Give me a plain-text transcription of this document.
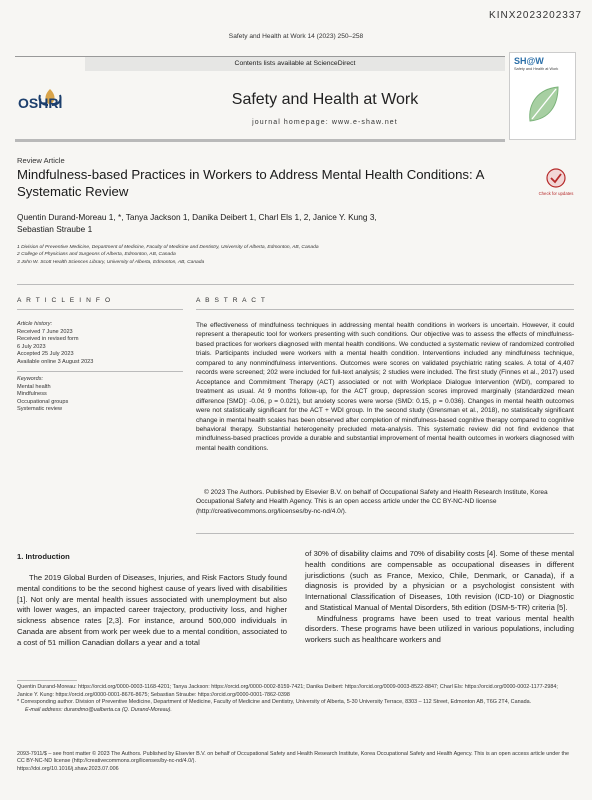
KINX2023202337
Safety and Health at Work 14 (2023) 250–258
Contents lists available at ScienceDirect
OSHRI	Safety and Health at Work
journal homepage: www.e-shaw.net
SH@W
Safety and Health at Work
Review Article
Mindfulness-based Practices in Workers to Address Mental Health Conditions: A Systematic Review	Check for updates
Quentin Durand-Moreau 1, *, Tanya Jackson 1, Danika Deibert 1, Charl Els 1, 2, Janice Y. Kung 3,
Sebastian Straube 1
1 Division of Preventive Medicine, Department of Medicine, Faculty of Medicine and Dentistry, University of Alberta, Edmonton, AB, Canada
2 College of Physicians and Surgeons of Alberta, Edmonton, AB, Canada
3 John W. Scott Health Sciences Library, University of Alberta, Edmonton, AB, Canada
A R T I C L E I N F O	A B S T R A C T
Article history:
Received 7 June 2023
Received in revised form
6 July 2023
Accepted 25 July 2023
Available online 3 August 2023
Keywords:
Mental health
Mindfulness
Occupational groups
Systematic review

The effectiveness of mindfulness techniques in addressing mental health conditions in workers is uncertain. However, it could represent a therapeutic tool for workers presenting with such conditions. Our objective was to assess the effects of mindfulness-based practices for workers diagnosed with mental health conditions. We conducted a systematic review of randomized controlled trials. Participants included were workers with a mental health condition. Interventions included any mindfulness technique, compared to any nonmindfulness interventions. Outcomes were scores on validated psychiatric rating scales. A total of 4,407 records were screened; 202 were included for full-text analysis; 2 studies were included. The first study (Finnes et al., 2017) used Acceptance and Commitment Therapy (ACT) associated or not with Workplace Dialogue Intervention (WDI), compared to treatment as usual. At 9 months follow-up, for the ACT group, depression scores improved marginally (standardized mean difference [SMD]: -0.06, p = 0.021), but anxiety scores were worse (SMD: 0.15, p = 0.036). Changes in mental health outcomes were not statistically significant for the ACT + WDI group. In the second study (Grensman et al., 2018), no statistically significant change in mental health scales has been observed after completion of mindfulness-based cognitive therapy compared to cognitive behavioral therapy. Substantial heterogeneity precluded meta-analysis. This systematic review did not find evidence that mindfulness-based practices provide a durable and substantial improvement of mental health outcomes in workers diagnosed with mental health conditions.

© 2023 The Authors. Published by Elsevier B.V. on behalf of Occupational Safety and Health Research Institute, Korea Occupational Safety and Health Agency. This is an open access article under the CC BY-NC-ND license (http://creativecommons.org/licenses/by-nc-nd/4.0/).
1. Introduction

The 2019 Global Burden of Diseases, Injuries, and Risk Factors Study found mental conditions to be the second highest cause of years lived with disabilities [1]. Not only are mental health issues associated with unemployment but also with lower wages, an impacted career trajectory, productivity loss, and higher sickness absence rates [2,3]. For instance, around 500,000 individuals in Canada are absent from work per week due to a mental condition, associated to a cost of 51 million Canadian dollars a year and a total

of 30% of disability claims and 70% of disability costs [4]. Some of these mental health conditions are compensable as occupational diseases in different jurisdictions (such as France, Mexico, Chile, Denmark, or Canada), if a diagnosis is provided by a physician or a psychologist consistent with International Classification of Diseases, 10th revision (ICD-10) or Diagnostic and Statistical Manual of Mental Disorders, 5th edition (DSM-5-TR) criteria [5].

Mindfulness programs have been used to treat various mental health disorders. These programs have been utilized in various populations, including workers such as healthcare workers and

Quentin Durand-Moreau: https://orcid.org/0000-0003-1168-4201; Tanya Jackson: https://orcid.org/0000-0002-8159-7421; Danika Deibert: https://orcid.org/0009-0003-8522-8847; Charl Els: https://orcid.org/0000-0002-1177-2984; Janice Y. Kung: https://orcid.org/0000-0001-8676-8675; Sebastian Straube: https://orcid.org/0000-0001-7862-0398
* Corresponding author. Division of Preventive Medicine, Department of Medicine, Faculty of Medicine and Dentistry, University of Alberta, 5-30 University Terrace, 8303 – 112 Street, Edmonton AB, T6G 2T4, Canada.
E-mail address: durandmo@ualberta.ca (Q. Durand-Moreau).
2093-7911/$ – see front matter © 2023 The Authors. Published by Elsevier B.V. on behalf of Occupational Safety and Health Research Institute, Korea Occupational Safety and Health Agency. This is an open access article under the CC BY-NC-ND license (http://creativecommons.org/licenses/by-nc-nd/4.0/).
https://doi.org/10.1016/j.shaw.2023.07.006
